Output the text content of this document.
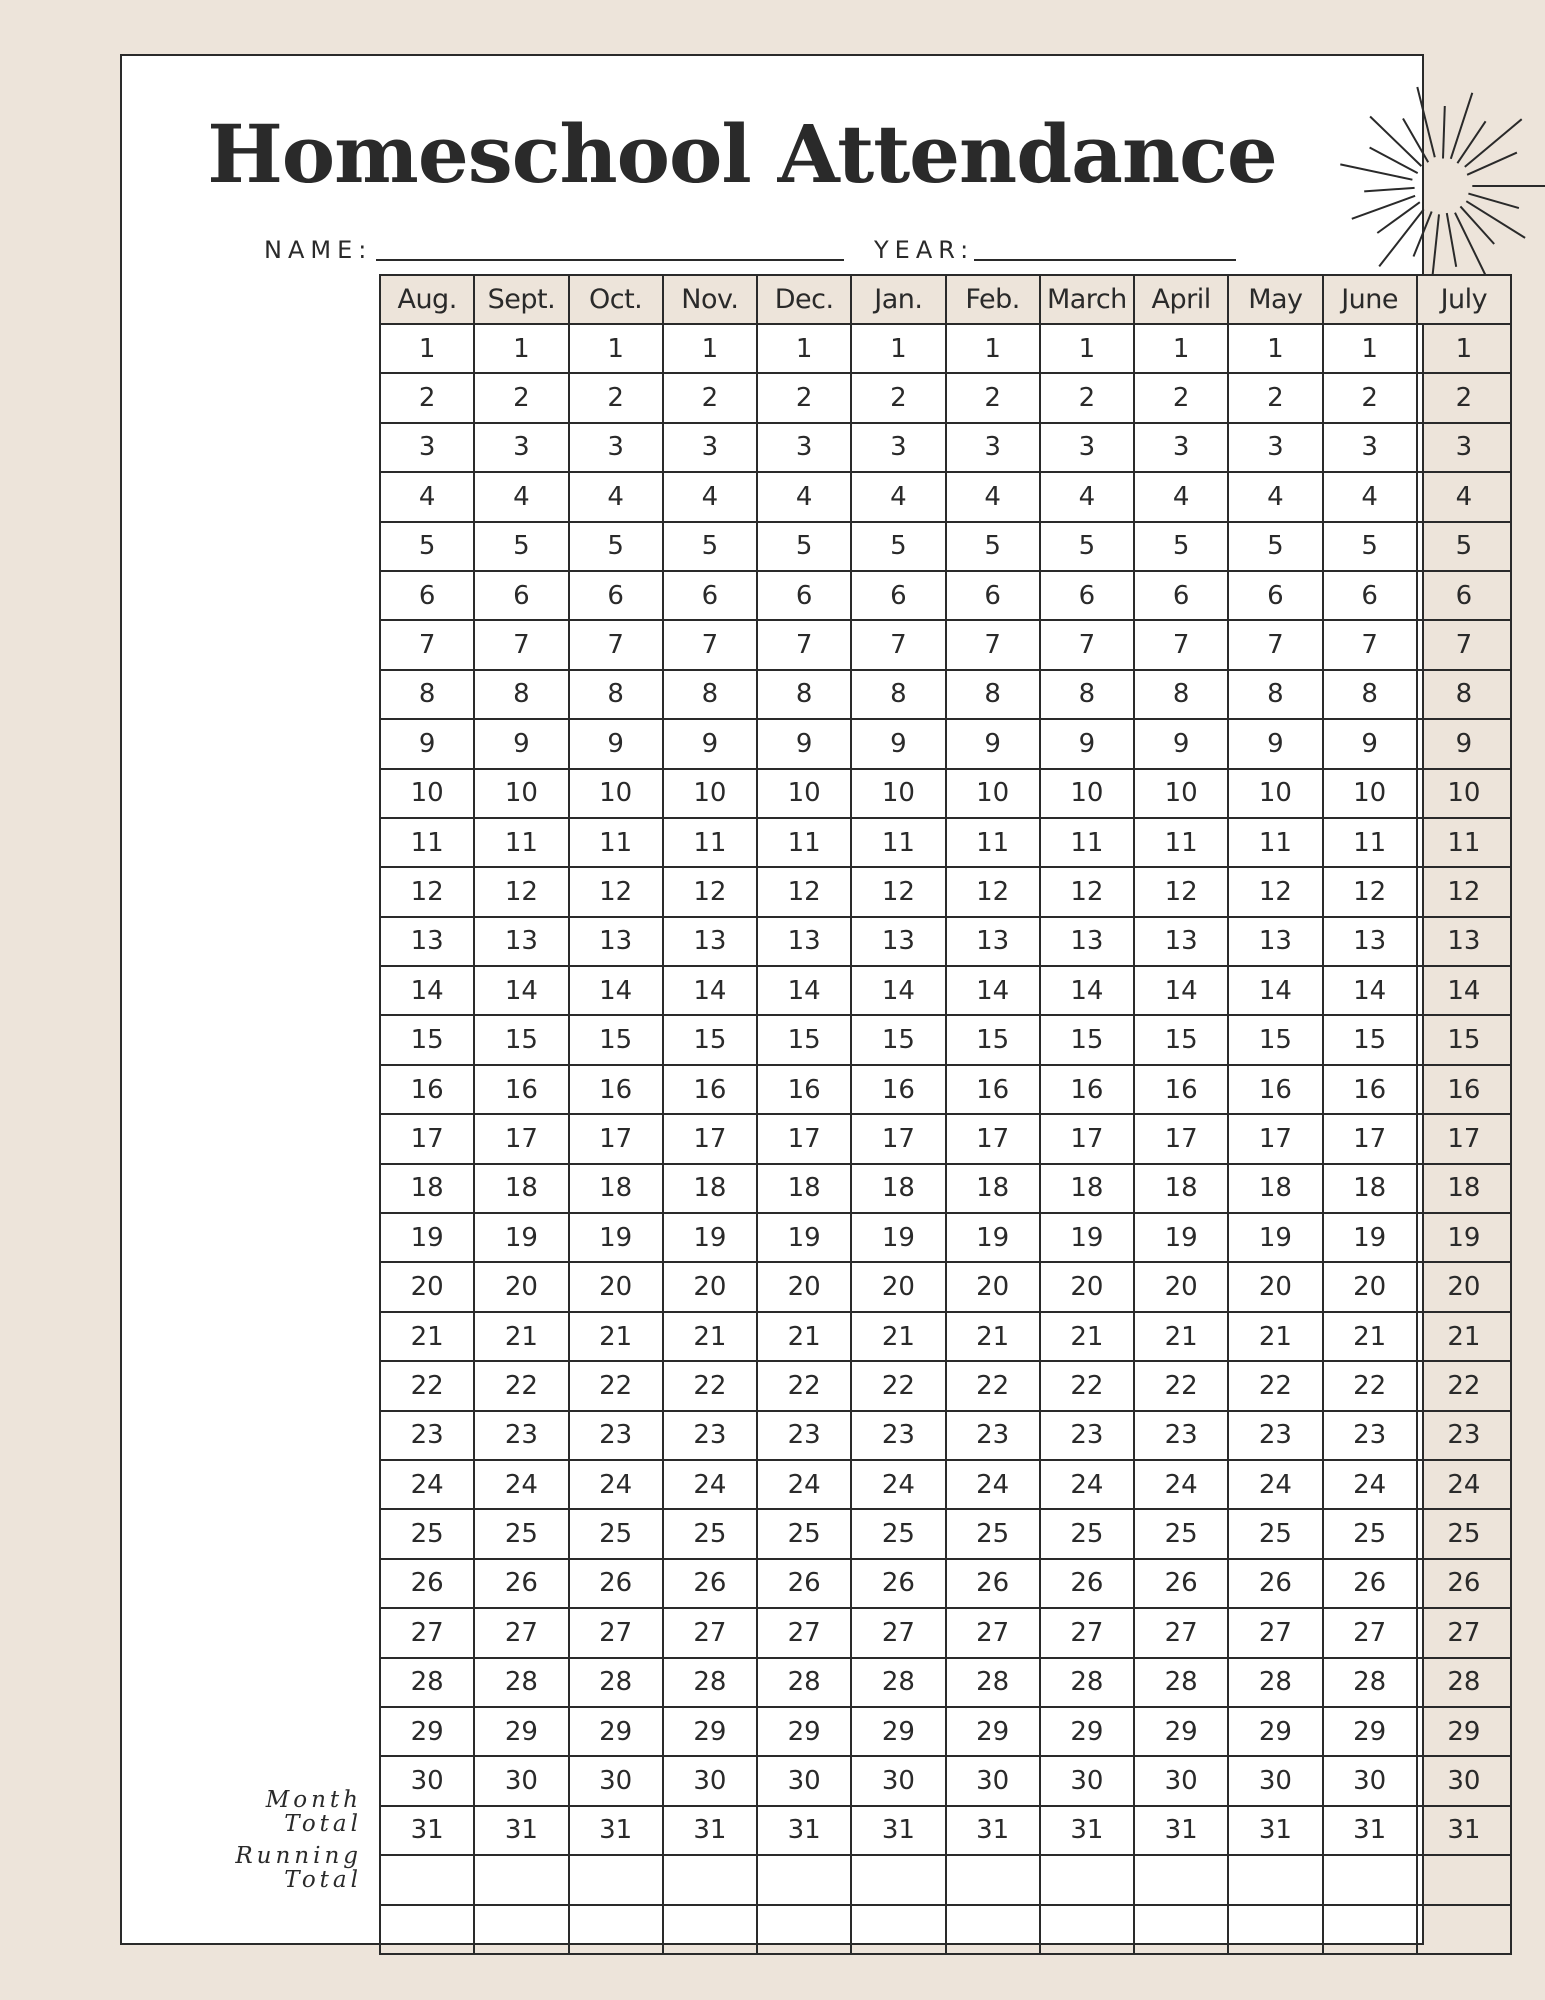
Homeschool Attendance
NAME:	YEAR:
Aug.	Sept.	Oct.	Nov.	Dec.	Jan.	Feb.	March	April	May	June	July
1	1	1	1	1	1	1	1	1	1	1	1
2	2	2	2	2	2	2	2	2	2	2	2
3	3	3	3	3	3	3	3	3	3	3	3
4	4	4	4	4	4	4	4	4	4	4	4
5	5	5	5	5	5	5	5	5	5	5	5
6	6	6	6	6	6	6	6	6	6	6	6
7	7	7	7	7	7	7	7	7	7	7	7
8	8	8	8	8	8	8	8	8	8	8	8
9	9	9	9	9	9	9	9	9	9	9	9
10	10	10	10	10	10	10	10	10	10	10	10
11	11	11	11	11	11	11	11	11	11	11	11
12	12	12	12	12	12	12	12	12	12	12	12
13	13	13	13	13	13	13	13	13	13	13	13
14	14	14	14	14	14	14	14	14	14	14	14
15	15	15	15	15	15	15	15	15	15	15	15
16	16	16	16	16	16	16	16	16	16	16	16
17	17	17	17	17	17	17	17	17	17	17	17
18	18	18	18	18	18	18	18	18	18	18	18
19	19	19	19	19	19	19	19	19	19	19	19
20	20	20	20	20	20	20	20	20	20	20	20
21	21	21	21	21	21	21	21	21	21	21	21
22	22	22	22	22	22	22	22	22	22	22	22
23	23	23	23	23	23	23	23	23	23	23	23
24	24	24	24	24	24	24	24	24	24	24	24
25	25	25	25	25	25	25	25	25	25	25	25
26	26	26	26	26	26	26	26	26	26	26	26
27	27	27	27	27	27	27	27	27	27	27	27
28	28	28	28	28	28	28	28	28	28	28	28
29	29	29	29	29	29	29	29	29	29	29	29
30	30	30	30	30	30	30	30	30	30	30	30
31	31	31	31	31	31	31	31	31	31	31	31

Month
Total
Running
Total
